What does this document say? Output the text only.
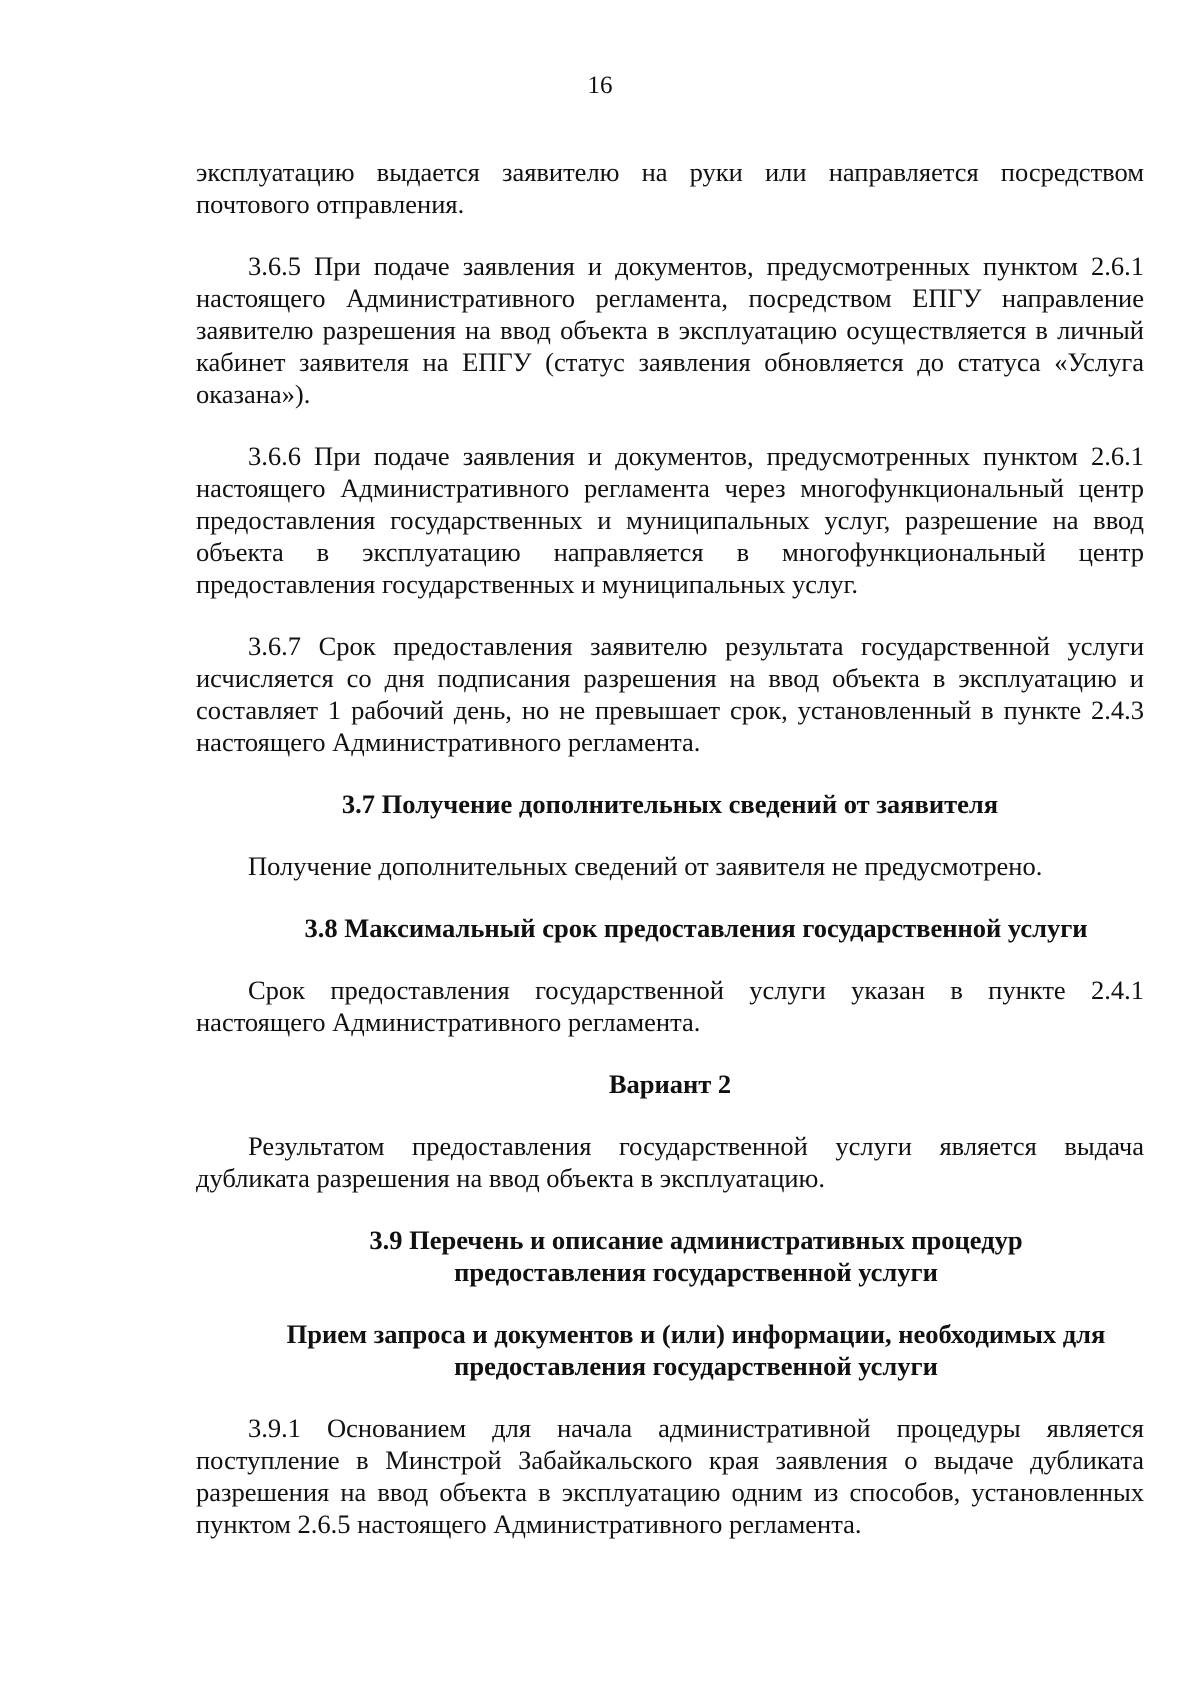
16

эксплуатацию выдается заявителю на руки или направляется посредством почтового отправления.

3.6.5 При подаче заявления и документов, предусмотренных пунктом 2.6.1 настоящего Административного регламента, посредством ЕПГУ направление заявителю разрешения на ввод объекта в эксплуатацию осуществляется в личный кабинет заявителя на ЕПГУ (статус заявления обновляется до статуса «Услуга оказана»).

3.6.6 При подаче заявления и документов, предусмотренных пунктом 2.6.1 настоящего Административного регламента через многофункциональный центр предоставления государственных и муниципальных услуг, разрешение на ввод объекта в эксплуатацию направляется в многофункциональный центр предоставления государственных и муниципальных услуг.

3.6.7 Срок предоставления заявителю результата государственной услуги исчисляется со дня подписания разрешения на ввод объекта в эксплуатацию и составляет 1 рабочий день, но не превышает срок, установленный в пункте 2.4.3 настоящего Административного регламента.

3.7 Получение дополнительных сведений от заявителя

Получение дополнительных сведений от заявителя не предусмотрено.

3.8 Максимальный срок предоставления государственной услуги

Срок предоставления государственной услуги указан в пункте 2.4.1 настоящего Административного регламента.

Вариант 2

Результатом предоставления государственной услуги является выдача дубликата разрешения на ввод объекта в эксплуатацию.

3.9 Перечень и описание административных процедур

предоставления государственной услуги

Прием запроса и документов и (или) информации, необходимых для

предоставления государственной услуги

3.9.1 Основанием для начала административной процедуры является поступление в Минстрой Забайкальского края заявления о выдаче дубликата разрешения на ввод объекта в эксплуатацию одним из способов, установленных пунктом 2.6.5 настоящего Административного регламента.
